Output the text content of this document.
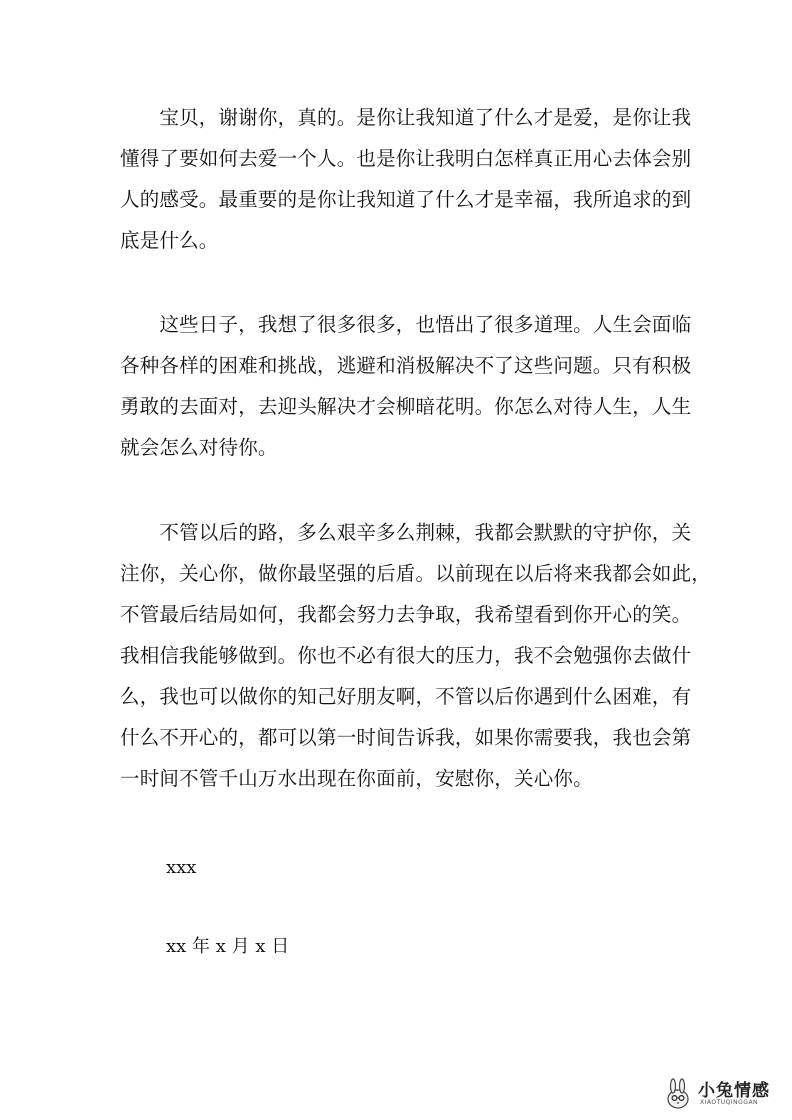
　　宝贝，谢谢你，真的。是你让我知道了什么才是爱，是你让我
懂得了要如何去爱一个人。也是你让我明白怎样真正用心去体会别
人的感受。最重要的是你让我知道了什么才是幸福，我所追求的到
底是什么。
　　这些日子，我想了很多很多，也悟出了很多道理。人生会面临
各种各样的困难和挑战，逃避和消极解决不了这些问题。只有积极
勇敢的去面对，去迎头解决才会柳暗花明。你怎么对待人生，人生
就会怎么对待你。
　　不管以后的路，多么艰辛多么荆棘，我都会默默的守护你，关
注你，关心你，做你最坚强的后盾。以前现在以后将来我都会如此，
不管最后结局如何，我都会努力去争取，我希望看到你开心的笑。
我相信我能够做到。你也不必有很大的压力，我不会勉强你去做什
么，我也可以做你的知己好朋友啊，不管以后你遇到什么困难，有
什么不开心的，都可以第一时间告诉我，如果你需要我，我也会第
一时间不管千山万水出现在你面前，安慰你，关心你。
xxx
xx 年 x 月 x 日
小兔情感
XIAOTUQINGGAN
